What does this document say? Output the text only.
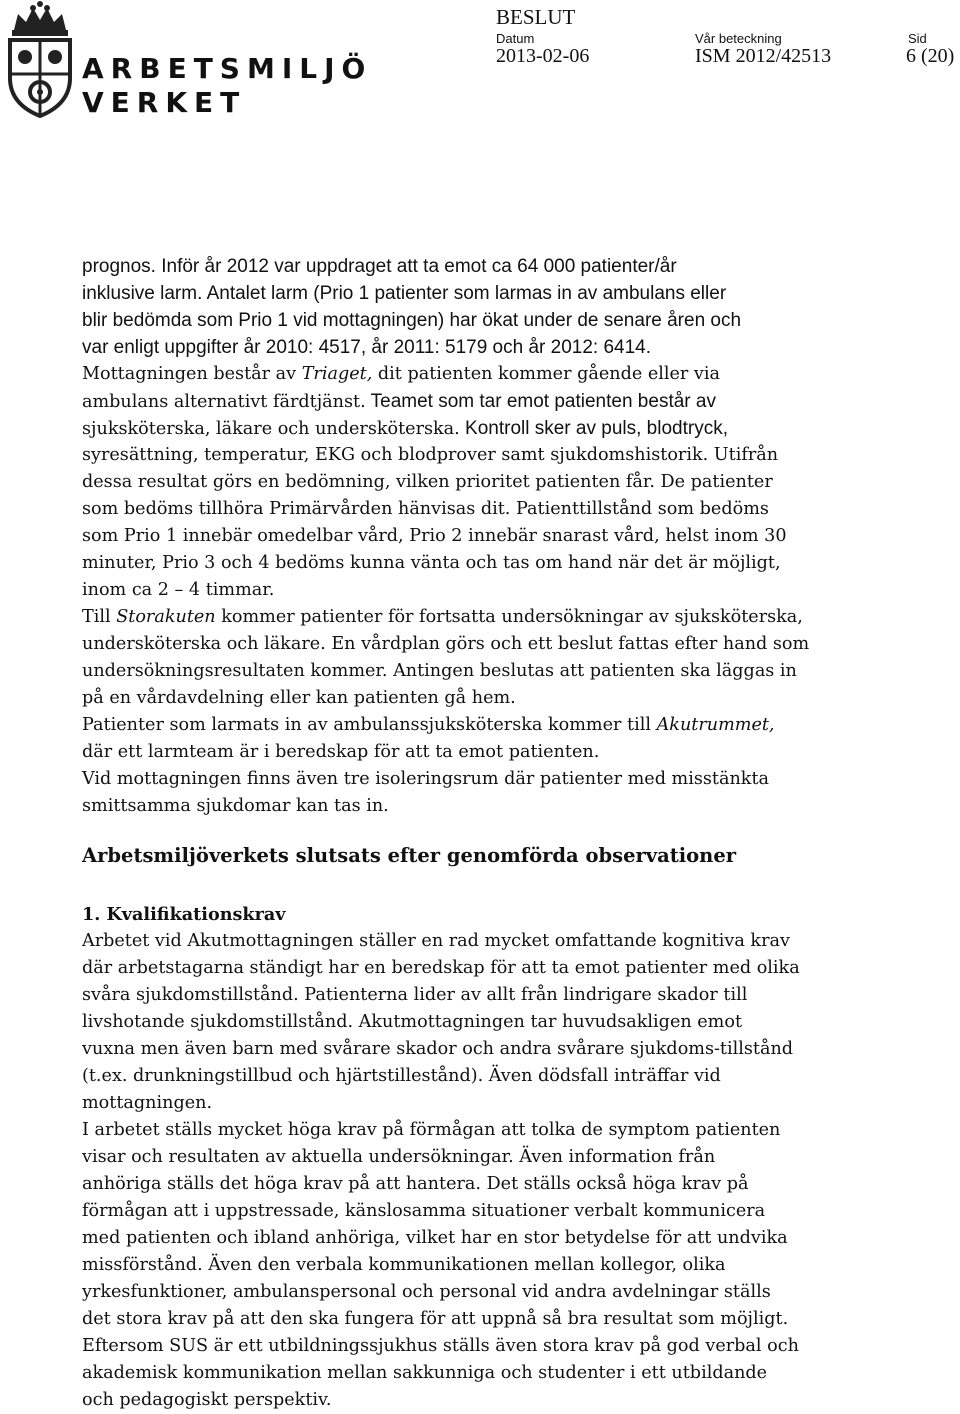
ARBETSMILJÖ
VERKET
BESLUT
Datum
2013-02-06
Vår beteckning
ISM 2012/42513
Sid
6 (20)
prognos. Inför år 2012 var uppdraget att ta emot ca 64 000 patienter/år
inklusive larm. Antalet larm (Prio 1 patienter som larmas in av ambulans eller
blir bedömda som Prio 1 vid mottagningen) har ökat under de senare åren och
var enligt uppgifter år 2010: 4517, år 2011: 5179 och år 2012: 6414.
Mottagningen består av Triaget, dit patienten kommer gående eller via
ambulans alternativt färdtjänst. Teamet som tar emot patienten består av
sjuksköterska, läkare och undersköterska. Kontroll sker av puls, blodtryck,
syresättning, temperatur, EKG och blodprover samt sjukdomshistorik. Utifrån
dessa resultat görs en bedömning, vilken prioritet patienten får. De patienter
som bedöms tillhöra Primärvården hänvisas dit. Patienttillstånd som bedöms
som Prio 1 innebär omedelbar vård, Prio 2 innebär snarast vård, helst inom 30
minuter, Prio 3 och 4 bedöms kunna vänta och tas om hand när det är möjligt,
inom ca 2 – 4 timmar.
Till Storakuten kommer patienter för fortsatta undersökningar av sjuksköterska,
undersköterska och läkare. En vårdplan görs och ett beslut fattas efter hand som
undersökningsresultaten kommer. Antingen beslutas att patienten ska läggas in
på en vårdavdelning eller kan patienten gå hem.
Patienter som larmats in av ambulanssjuksköterska kommer till Akutrummet,
där ett larmteam är i beredskap för att ta emot patienten.
Vid mottagningen finns även tre isoleringsrum där patienter med misstänkta
smittsamma sjukdomar kan tas in.
Arbetsmiljöverkets slutsats efter genomförda observationer
1. Kvalifikationskrav
Arbetet vid Akutmottagningen ställer en rad mycket omfattande kognitiva krav
där arbetstagarna ständigt har en beredskap för att ta emot patienter med olika
svåra sjukdomstillstånd. Patienterna lider av allt från lindrigare skador till
livshotande sjukdomstillstånd. Akutmottagningen tar huvudsakligen emot
vuxna men även barn med svårare skador och andra svårare sjukdoms-tillstånd
(t.ex. drunkningstillbud och hjärtstillestånd). Även dödsfall inträffar vid
mottagningen.
I arbetet ställs mycket höga krav på förmågan att tolka de symptom patienten
visar och resultaten av aktuella undersökningar. Även information från
anhöriga ställs det höga krav på att hantera. Det ställs också höga krav på
förmågan att i uppstressade, känslosamma situationer verbalt kommunicera
med patienten och ibland anhöriga, vilket har en stor betydelse för att undvika
missförstånd. Även den verbala kommunikationen mellan kollegor, olika
yrkesfunktioner, ambulanspersonal och personal vid andra avdelningar ställs
det stora krav på att den ska fungera för att uppnå så bra resultat som möjligt.
Eftersom SUS är ett utbildningssjukhus ställs även stora krav på god verbal och
akademisk kommunikation mellan sakkunniga och studenter i ett utbildande
och pedagogiskt perspektiv.
